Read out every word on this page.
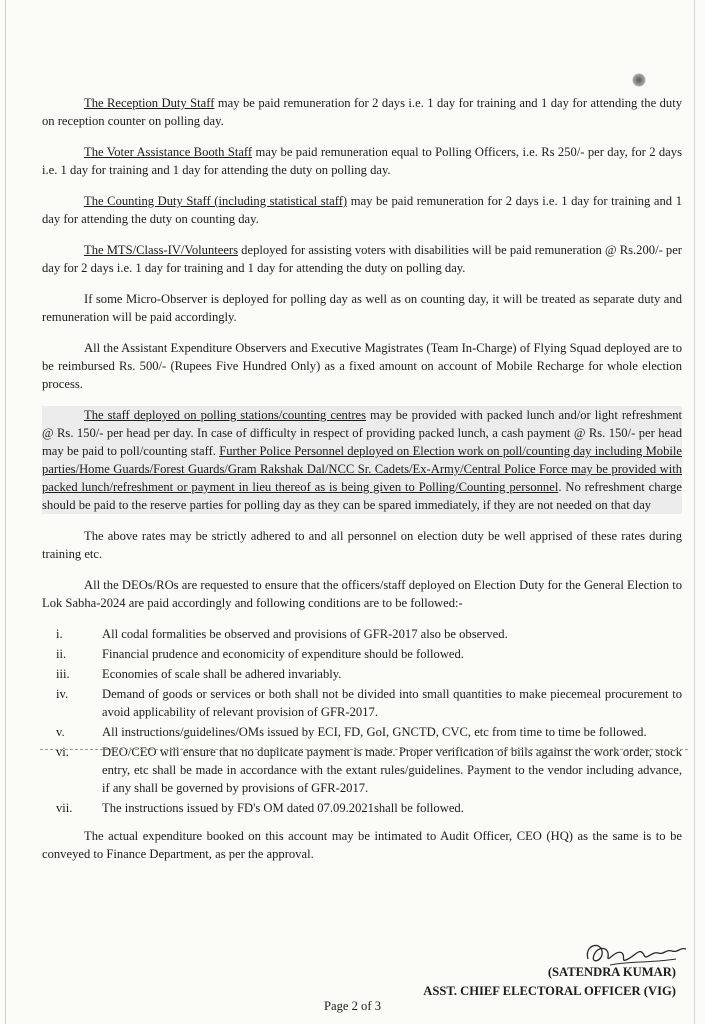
The Reception Duty Staff may be paid remuneration for 2 days i.e. 1 day for training and 1 day for attending the duty on reception counter on polling day.

The Voter Assistance Booth Staff may be paid remuneration equal to Polling Officers, i.e. Rs 250/- per day, for 2 days i.e. 1 day for training and 1 day for attending the duty on polling day.

The Counting Duty Staff (including statistical staff) may be paid remuneration for 2 days i.e. 1 day for training and 1 day for attending the duty on counting day.

The MTS/Class-IV/Volunteers deployed for assisting voters with disabilities will be paid remuneration @ Rs.200/- per day for 2 days i.e. 1 day for training and 1 day for attending the duty on polling day.

If some Micro-Observer is deployed for polling day as well as on counting day, it will be treated as separate duty and remuneration will be paid accordingly.

All the Assistant Expenditure Observers and Executive Magistrates (Team In-Charge) of Flying Squad deployed are to be reimbursed Rs. 500/- (Rupees Five Hundred Only) as a fixed amount on account of Mobile Recharge for whole election process.

The staff deployed on polling stations/counting centres may be provided with packed lunch and/or light refreshment @ Rs. 150/- per head per day. In case of difficulty in respect of providing packed lunch, a cash payment @ Rs. 150/- per head may be paid to poll/counting staff. Further Police Personnel deployed on Election work on poll/counting day including Mobile parties/Home Guards/Forest Guards/Gram Rakshak Dal/NCC Sr. Cadets/Ex-Army/Central Police Force may be provided with packed lunch/refreshment or payment in lieu thereof as is being given to Polling/Counting personnel. No refreshment charge should be paid to the reserve parties for polling day as they can be spared immediately, if they are not needed on that day

The above rates may be strictly adhered to and all personnel on election duty be well apprised of these rates during training etc.

All the DEOs/ROs are requested to ensure that the officers/staff deployed on Election Duty for the General Election to Lok Sabha-2024 are paid accordingly and following conditions are to be followed:-

i.	All codal formalities be observed and provisions of GFR-2017 also be observed.
ii.	Financial prudence and economicity of expenditure should be followed.
iii.	Economies of scale shall be adhered invariably.
iv.	Demand of goods or services or both shall not be divided into small quantities to make piecemeal procurement to avoid applicability of relevant provision of GFR-2017.
v.	All instructions/guidelines/OMs issued by ECI, FD, GoI, GNCTD, CVC, etc from time to time be followed.
vi.	DEO/CEO will ensure that no duplicate payment is made. Proper verification of bills against the work order, stock entry, etc shall be made in accordance with the extant rules/guidelines. Payment to the vendor including advance, if any shall be governed by provisions of GFR-2017.
vii.	The instructions issued by FD's OM dated 07.09.2021shall be followed.

The actual expenditure booked on this account may be intimated to Audit Officer, CEO (HQ) as the same is to be conveyed to Finance Department, as per the approval.

(SATENDRA KUMAR)
ASST. CHIEF ELECTORAL OFFICER (VIG)
Page 2 of 3
